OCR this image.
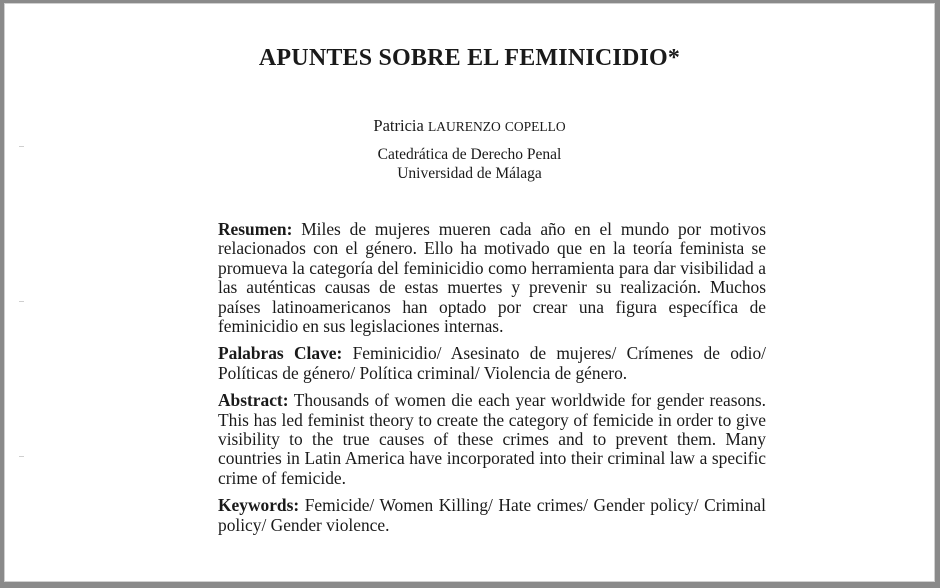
APUNTES SOBRE EL FEMINICIDIO*
Patricia LAURENZO COPELLO
Catedrática de Derecho Penal
Universidad de Málaga

Resumen: Miles de mujeres mueren cada año en el mundo por motivos relacionados con el género. Ello ha motivado que en la teoría feminista se promueva la categoría del feminicidio como herramienta para dar visibilidad a las auténticas causas de estas muertes y prevenir su realización. Muchos países latinoamericanos han optado por crear una figura específica de feminicidio en sus legislaciones internas.

Palabras Clave: Feminicidio/ Asesinato de mujeres/ Crímenes de odio/ Políticas de género/ Política criminal/ Violencia de género.

Abstract: Thousands of women die each year worldwide for gender reasons. This has led feminist theory to create the category of femicide in order to give visibility to the true causes of these crimes and to prevent them. Many countries in Latin America have incorporated into their criminal law a specific crime of femicide.

Keywords: Femicide/ Women Killing/ Hate crimes/ Gender policy/ Criminal policy/ Gender violence.
